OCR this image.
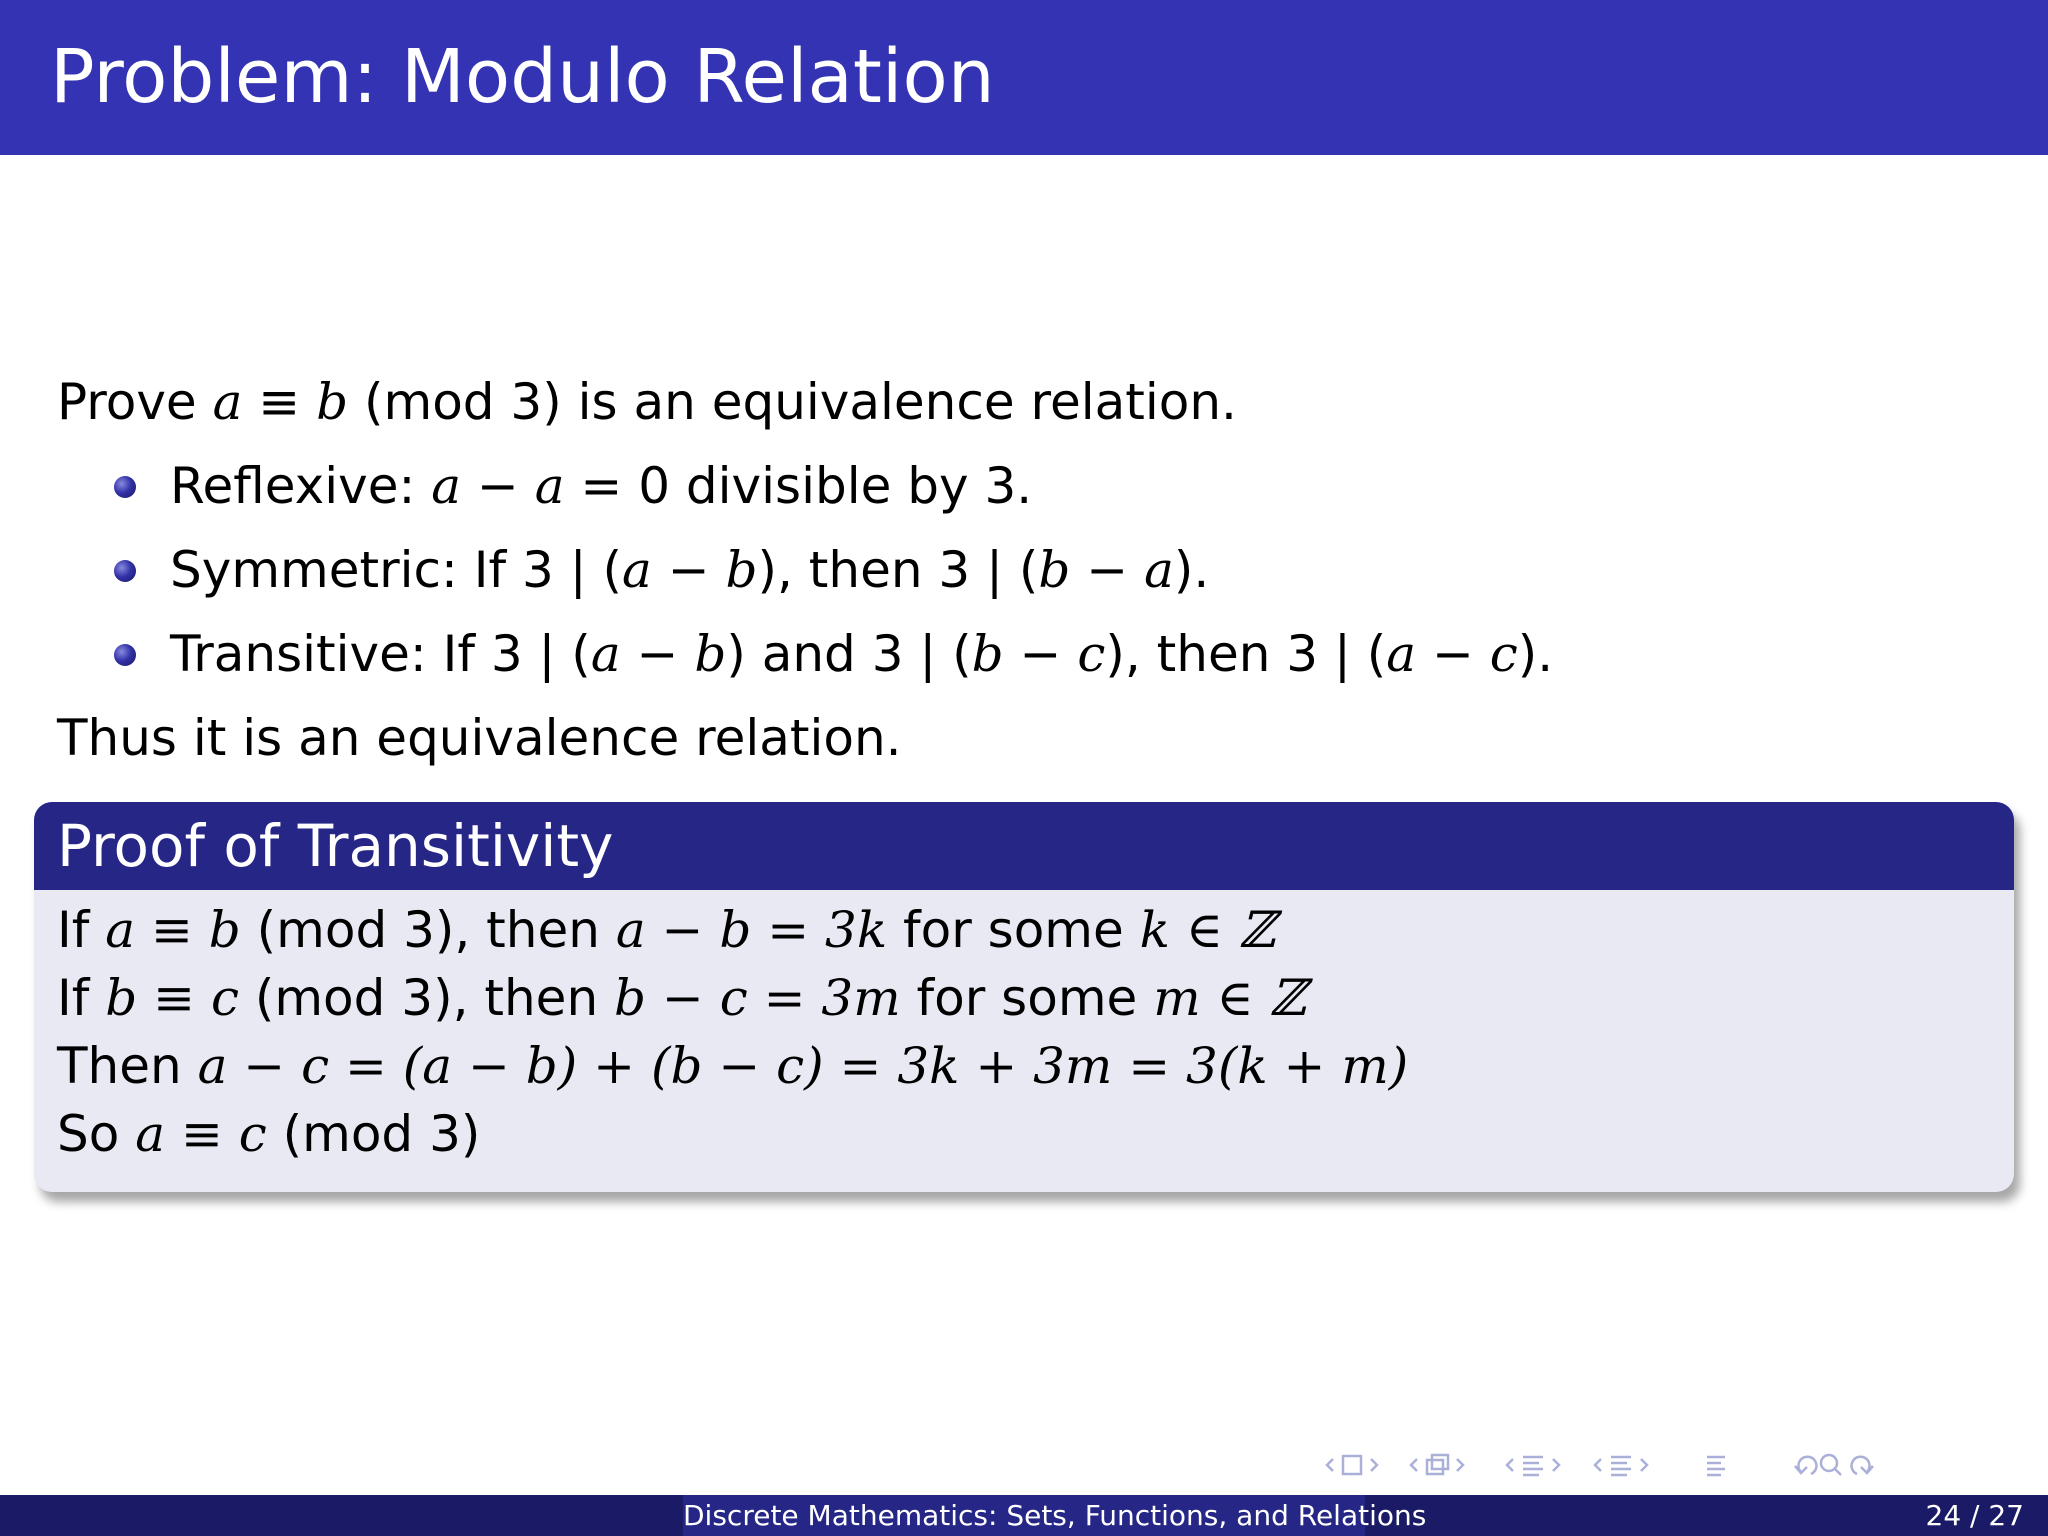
Problem: Modulo Relation
Prove a ≡ b (mod 3) is an equivalence relation.
Reflexive: a − a = 0 divisible by 3.
Symmetric: If 3 | (a − b), then 3 | (b − a).
Transitive: If 3 | (a − b) and 3 | (b − c), then 3 | (a − c).
Thus it is an equivalence relation.
Proof of Transitivity
If a ≡ b (mod 3), then a − b = 3k for some k ∈ ℤ
If b ≡ c (mod 3), then b − c = 3m for some m ∈ ℤ
Then a − c = (a − b) + (b − c) = 3k + 3m = 3(k + m)
So a ≡ c (mod 3)
Discrete Mathematics: Sets, Functions, and Relations	24 / 27
